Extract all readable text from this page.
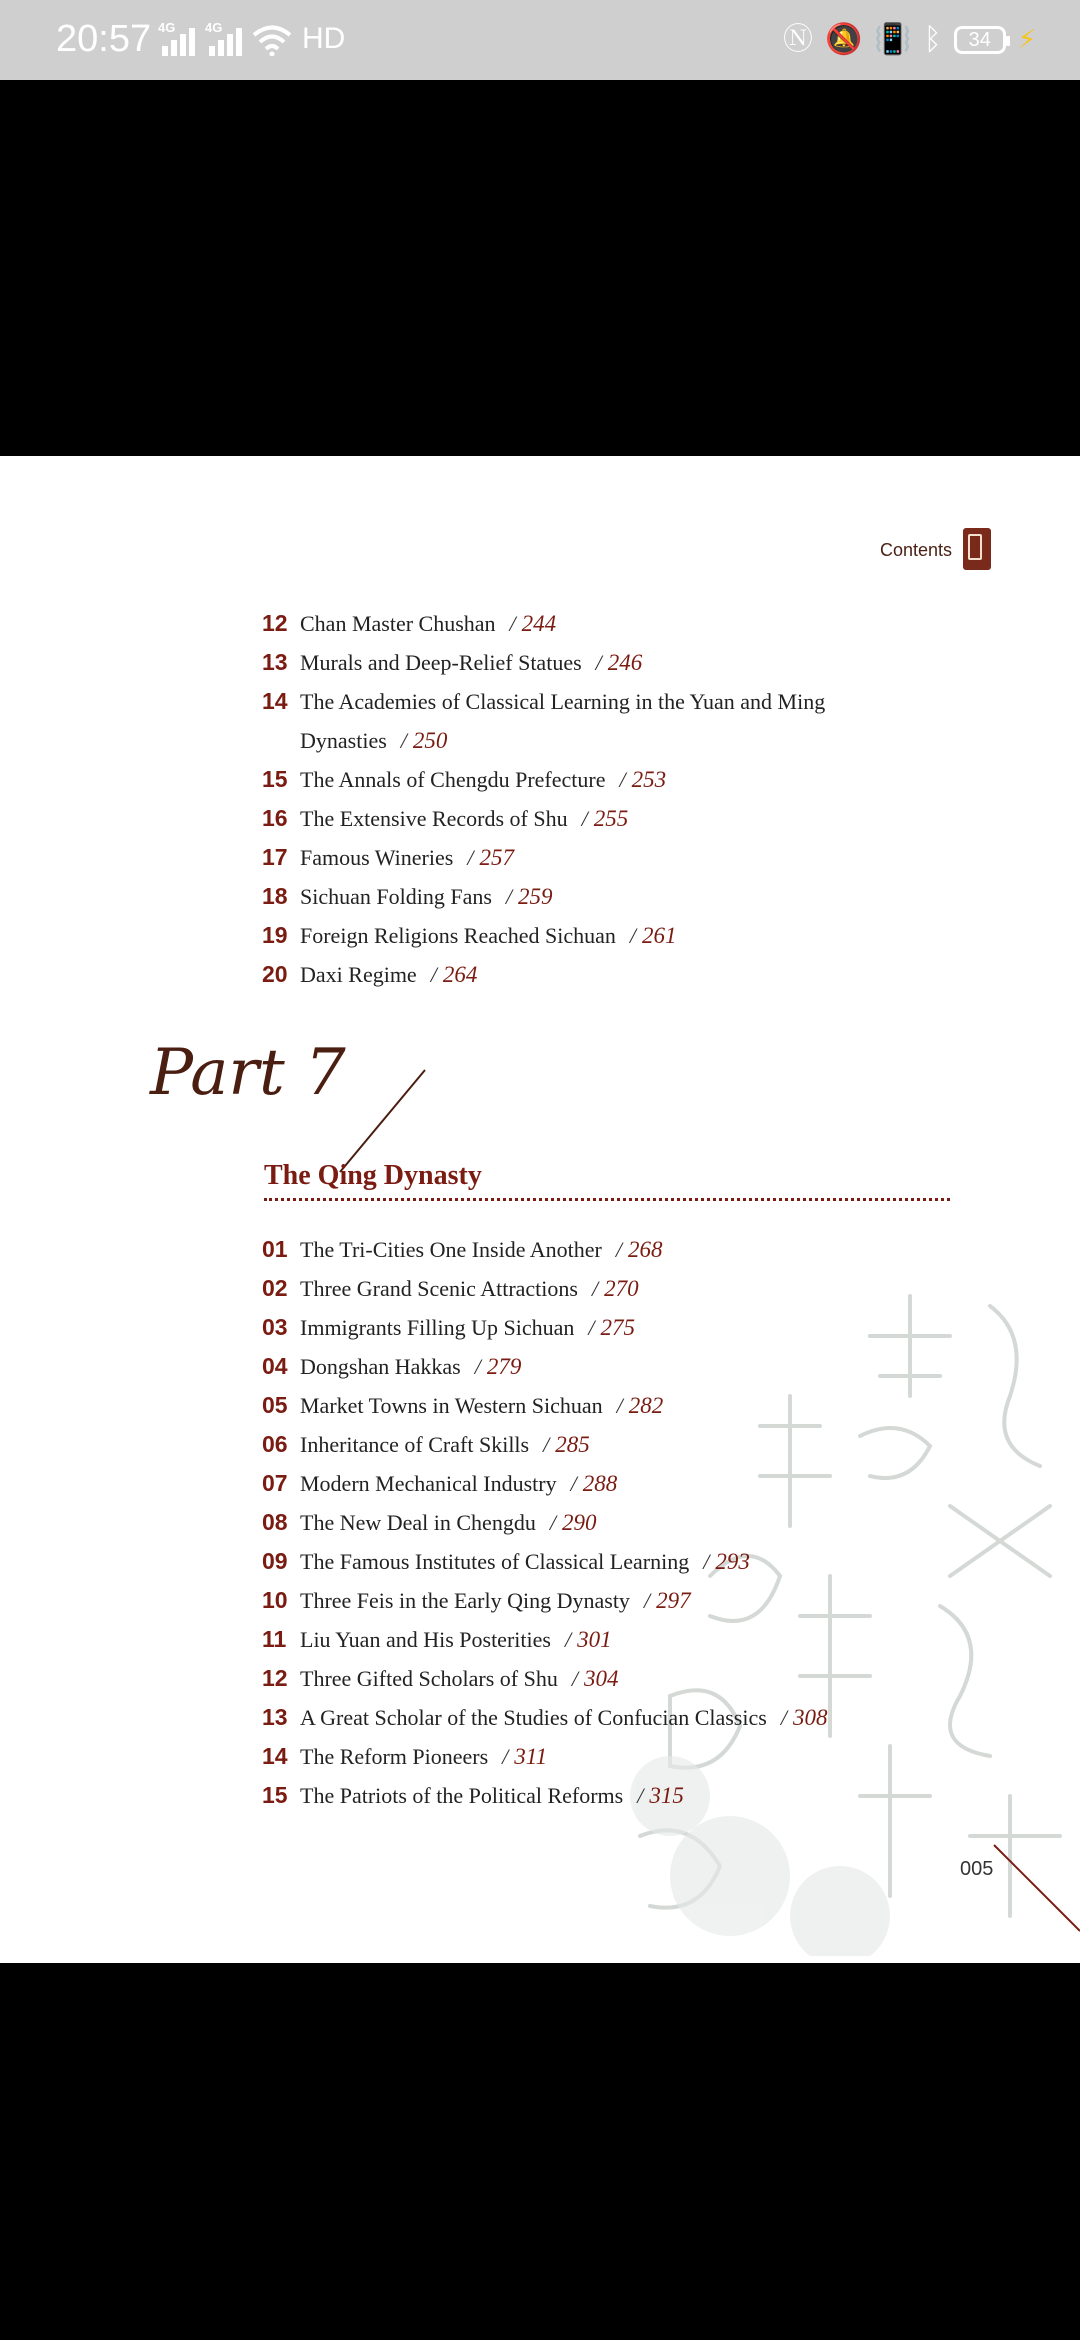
20:57 4G 4G	HD	Ⓝ 🔕 📳 ᛒ 34 ⚡
Contents
12 Chan Master Chushan / 244
13 Murals and Deep-Relief Statues / 246
14 The Academies of Classical Learning in the Yuan and Ming
Dynasties / 250
15 The Annals of Chengdu Prefecture / 253
16 The Extensive Records of Shu / 255
17 Famous Wineries / 257
18 Sichuan Folding Fans / 259
19 Foreign Religions Reached Sichuan / 261
20 Daxi Regime / 264
Part 7
The Qing Dynasty
01 The Tri-Cities One Inside Another / 268
02 Three Grand Scenic Attractions / 270
03 Immigrants Filling Up Sichuan / 275
04 Dongshan Hakkas / 279
05 Market Towns in Western Sichuan / 282
06 Inheritance of Craft Skills / 285
07 Modern Mechanical Industry / 288
08 The New Deal in Chengdu / 290
09 The Famous Institutes of Classical Learning / 293
10 Three Feis in the Early Qing Dynasty / 297
11 Liu Yuan and His Posterities / 301
12 Three Gifted Scholars of Shu / 304
13 A Great Scholar of the Studies of Confucian Classics / 308
14 The Reform Pioneers / 311
15 The Patriots of the Political Reforms / 315
005
